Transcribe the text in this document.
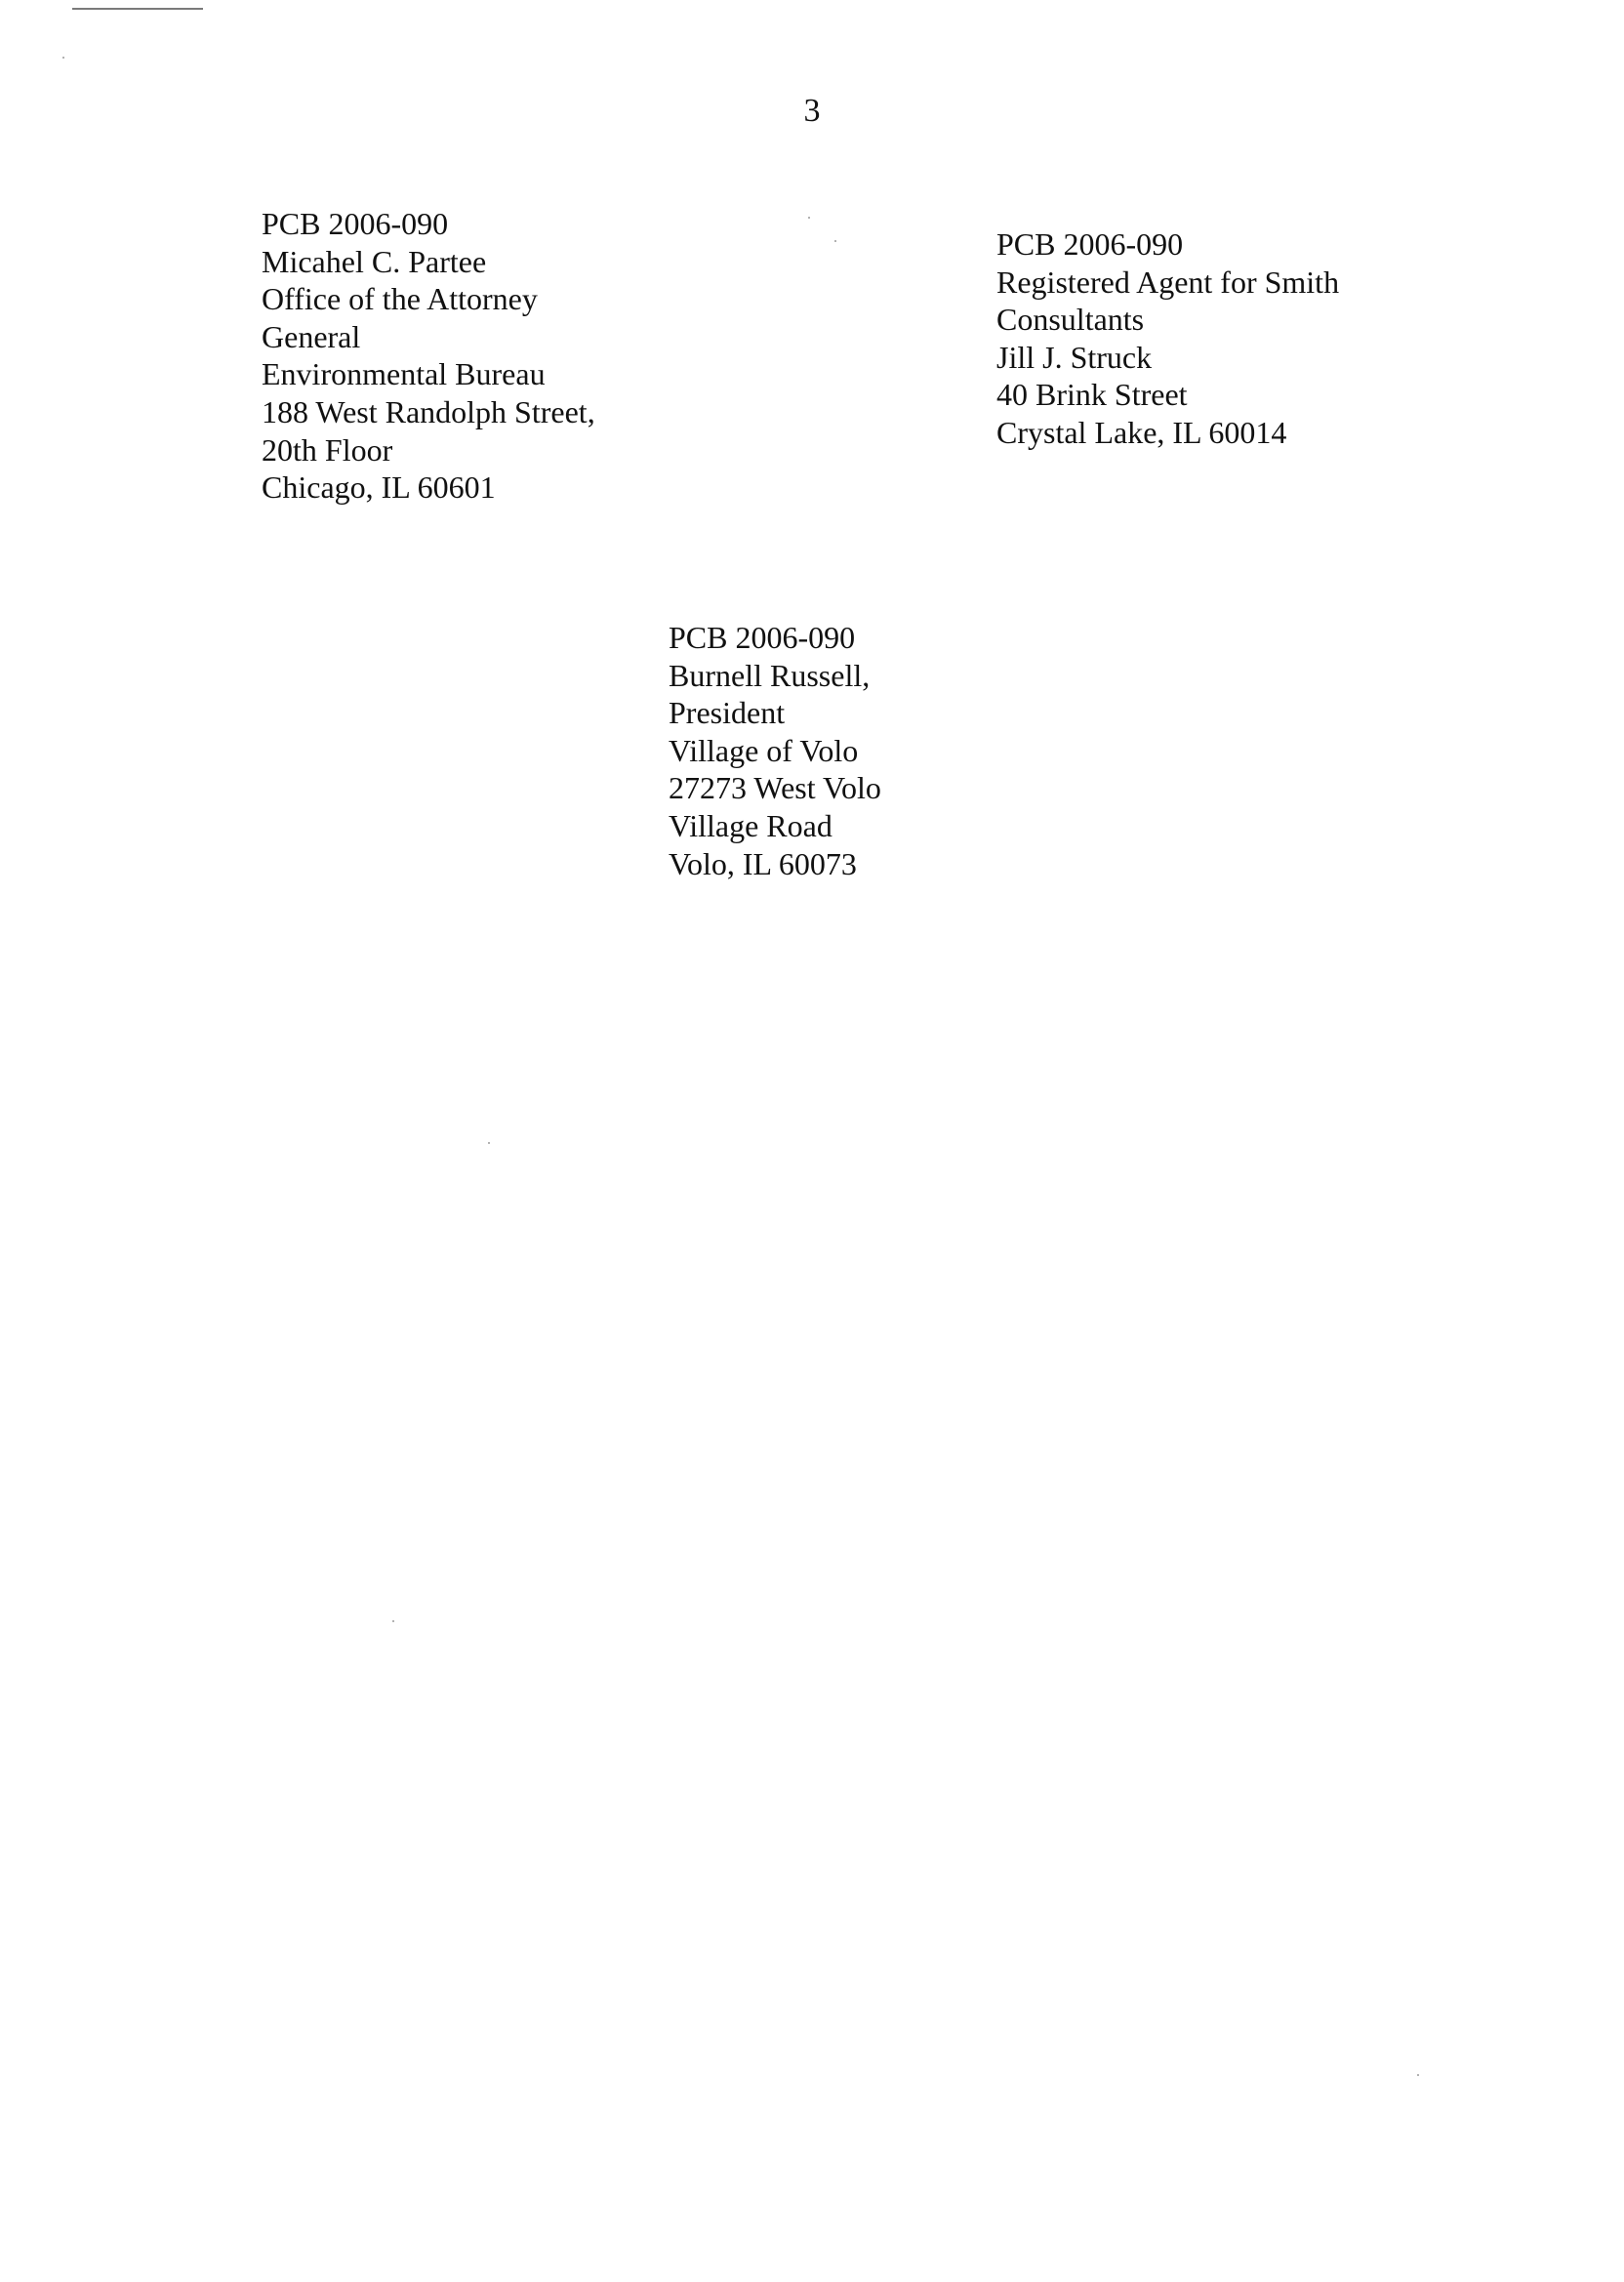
3
PCB 2006-090
Micahel C. Partee
Office of the Attorney
General
Environmental Bureau
188 West Randolph Street,
20th Floor
Chicago, IL 60601
PCB 2006-090
Registered Agent for Smith
Consultants
Jill J. Struck
40 Brink Street
Crystal Lake, IL 60014
PCB 2006-090
Burnell Russell,
President
Village of Volo
27273 West Volo
Village Road
Volo, IL 60073
